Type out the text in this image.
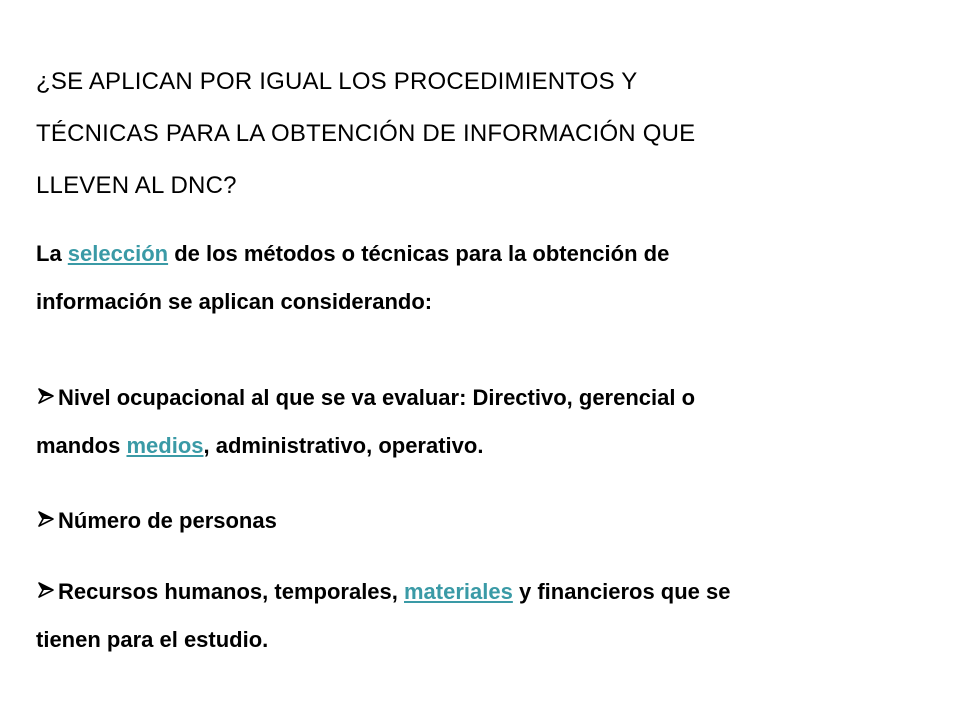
¿SE APLICAN POR IGUAL LOS PROCEDIMIENTOS Y
TÉCNICAS PARA LA OBTENCIÓN DE INFORMACIÓN QUE
LLEVEN AL DNC?

La selección de los métodos o técnicas para la obtención de
información se aplican considerando:

Nivel ocupacional al que se va evaluar: Directivo, gerencial o
mandos medios, administrativo, operativo.

Número de personas

Recursos humanos, temporales, materiales y financieros que se
tienen para el estudio.
